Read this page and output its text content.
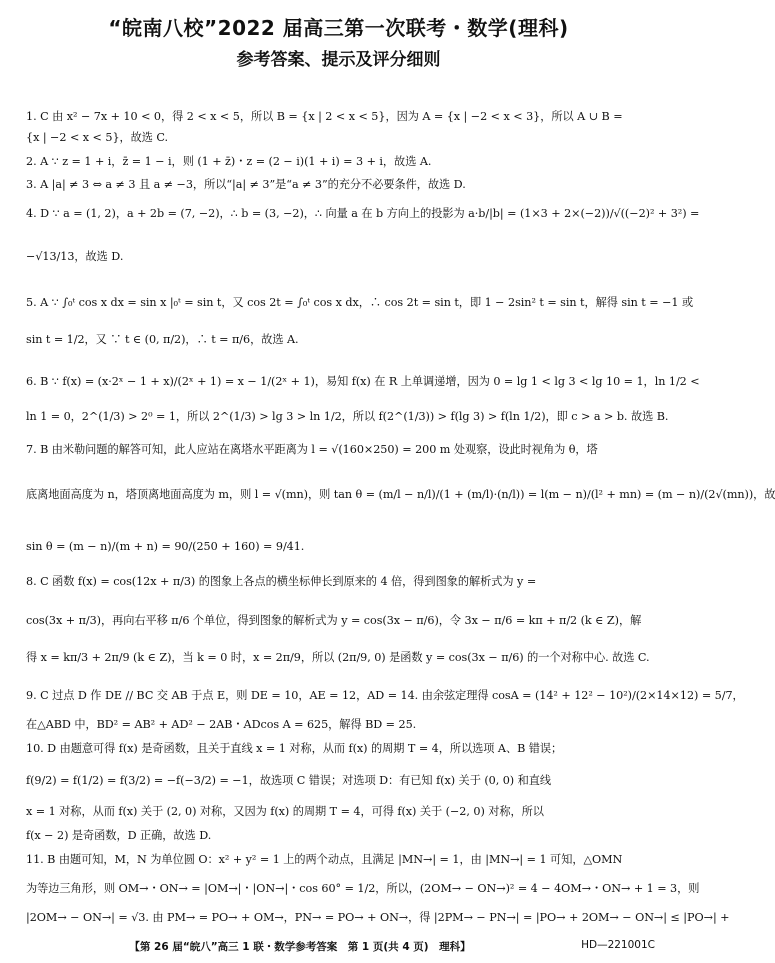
“皖南八校”2022 届高三第一次联考・数学(理科)
参考答案、提示及评分细则
1. C 由 x² − 7x + 10 < 0，得 2 < x < 5，所以 B = {x | 2 < x < 5}，因为 A = {x | −2 < x < 3}，所以 A ∪ B =
{x | −2 < x < 5}，故选 C.
2. A ∵ z = 1 + i，z̄ = 1 − i，则 (1 + z̄)・z = (2 − i)(1 + i) = 3 + i，故选 A.
3. A |a| ≠ 3 ⇔ a ≠ 3 且 a ≠ −3，所以“|a| ≠ 3”是“a ≠ 3”的充分不必要条件，故选 D.
4. D ∵ a = (1, 2)，a + 2b = (7, −2)，∴ b = (3, −2)，∴ 向量 a 在 b 方向上的投影为 a·b/|b| = (1×3 + 2×(−2))/√((−2)² + 3²) =
−√13/13，故选 D.
5. A ∵ ∫₀ᵗ cos x dx = sin x |₀ᵗ = sin t，又 cos 2t = ∫₀ᵗ cos x dx，∴ cos 2t = sin t，即 1 − 2sin² t = sin t，解得 sin t = −1 或
sin t = 1/2，又 ∵ t ∈ (0, π/2)，∴ t = π/6，故选 A.
6. B ∵ f(x) = (x·2ˣ − 1 + x)/(2ˣ + 1) = x − 1/(2ˣ + 1)，易知 f(x) 在 R 上单调递增，因为 0 = lg 1 < lg 3 < lg 10 = 1，ln 1/2 <
ln 1 = 0，2^(1/3) > 2⁰ = 1，所以 2^(1/3) > lg 3 > ln 1/2，所以 f(2^(1/3)) > f(lg 3) > f(ln 1/2)，即 c > a > b. 故选 B.
7. B 由米勒问题的解答可知，此人应站在离塔水平距离为 l = √(160×250) = 200 m 处观察，设此时视角为 θ，塔
底离地面高度为 n，塔顶离地面高度为 m，则 l = √(mn)，则 tan θ = (m/l − n/l)/(1 + (m/l)·(n/l)) = l(m − n)/(l² + mn) = (m − n)/(2√(mn))，故
sin θ = (m − n)/(m + n) = 90/(250 + 160) = 9/41.
8. C 函数 f(x) = cos(12x + π/3) 的图象上各点的横坐标伸长到原来的 4 倍，得到图象的解析式为 y =
cos(3x + π/3)，再向右平移 π/6 个单位，得到图象的解析式为 y = cos(3x − π/6)，令 3x − π/6 = kπ + π/2 (k ∈ Z)，解
得 x = kπ/3 + 2π/9 (k ∈ Z)，当 k = 0 时，x = 2π/9，所以 (2π/9, 0) 是函数 y = cos(3x − π/6) 的一个对称中心. 故选 C.
9. C 过点 D 作 DE // BC 交 AB 于点 E，则 DE = 10，AE = 12，AD = 14. 由余弦定理得 cosA = (14² + 12² − 10²)/(2×14×12) = 5/7，
在△ABD 中，BD² = AB² + AD² − 2AB・ADcos A = 625，解得 BD = 25.
10. D 由题意可得 f(x) 是奇函数，且关于直线 x = 1 对称，从而 f(x) 的周期 T = 4，所以选项 A、B 错误；
f(9/2) = f(1/2) = f(3/2) = −f(−3/2) = −1，故选项 C 错误；对选项 D：有已知 f(x) 关于 (0, 0) 和直线
x = 1 对称，从而 f(x) 关于 (2, 0) 对称，又因为 f(x) 的周期 T = 4，可得 f(x) 关于 (−2, 0) 对称，所以
f(x − 2) 是奇函数，D 正确，故选 D.
11. B 由题可知，M，N 为单位圆 O：x² + y² = 1 上的两个动点，且满足 |MN→| = 1，由 |MN→| = 1 可知，△OMN
为等边三角形，则 OM→・ON→ = |OM→|・|ON→|・cos 60° = 1/2，所以，(2OM→ − ON→)² = 4 − 4OM→・ON→ + 1 = 3，则
|2OM→ − ON→| = √3. 由 PM→ = PO→ + OM→，PN→ = PO→ + ON→，得 |2PM→ − PN→| = |PO→ + 2OM→ − ON→| ≤ |PO→| +
【第 26 届“皖八”高三 1 联・数学参考答案　第 1 页(共 4 页)　理科】	HD—221001C
